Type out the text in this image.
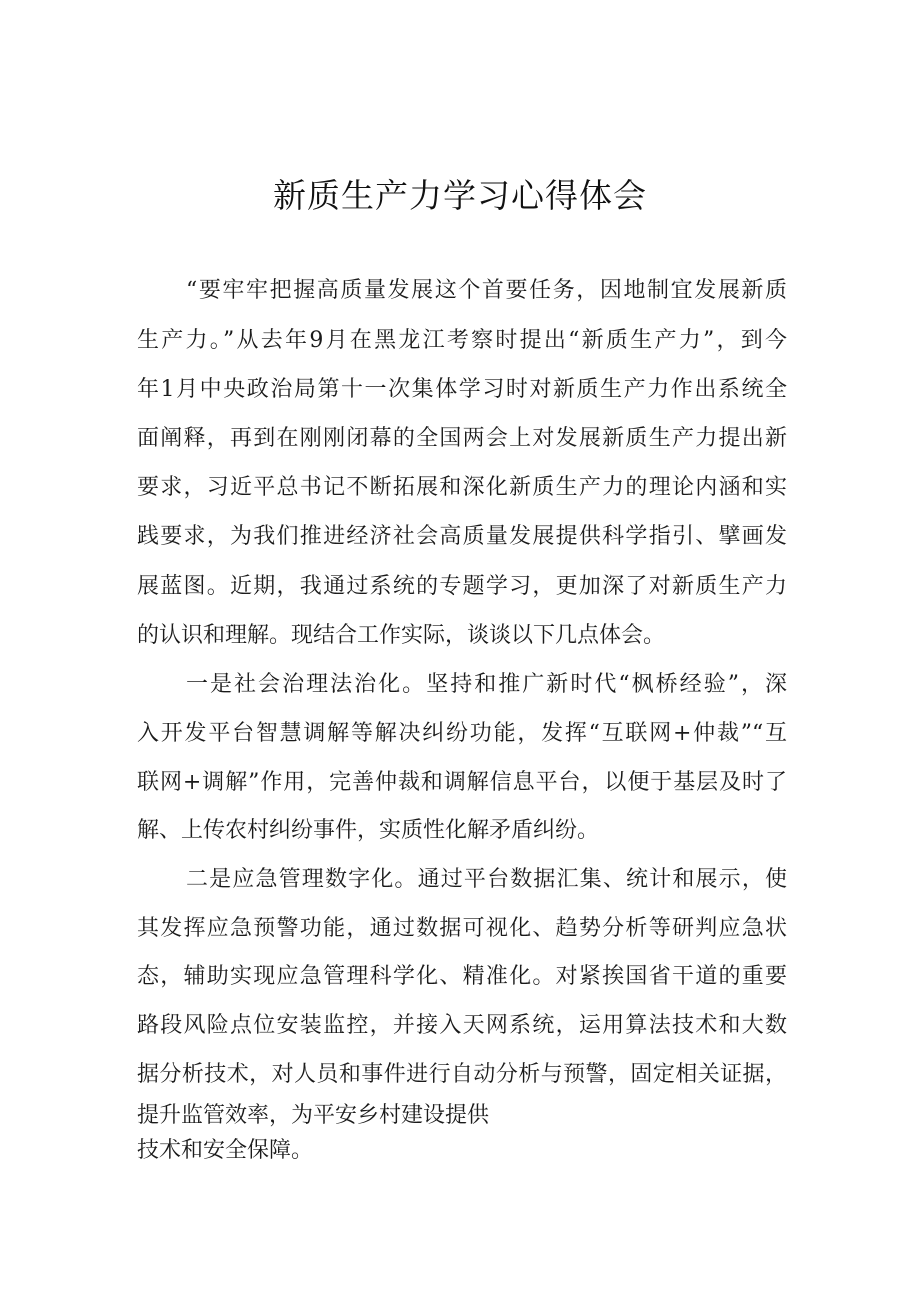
新质生产力学习心得体会

“要牢牢把握高质量发展这个首要任务，因地制宜发展新质

生产力。”从去年9月在黑龙江考察时提出“新质生产力”，到今

年1月中央政治局第十一次集体学习时对新质生产力作出系统全

面阐释，再到在刚刚闭幕的全国两会上对发展新质生产力提出新

要求，习近平总书记不断拓展和深化新质生产力的理论内涵和实

践要求，为我们推进经济社会高质量发展提供科学指引、擘画发

展蓝图。近期，我通过系统的专题学习，更加深了对新质生产力

的认识和理解。现结合工作实际，谈谈以下几点体会。

一是社会治理法治化。坚持和推广新时代“枫桥经验”，深

入开发平台智慧调解等解决纠纷功能，发挥“互联网+仲裁”“互

联网+调解”作用，完善仲裁和调解信息平台，以便于基层及时了

解、上传农村纠纷事件，实质性化解矛盾纠纷。

二是应急管理数字化。通过平台数据汇集、统计和展示，使

其发挥应急预警功能，通过数据可视化、趋势分析等研判应急状

态，辅助实现应急管理科学化、精准化。对紧挨国省干道的重要

路段风险点位安装监控，并接入天网系统，运用算法技术和大数

据分析技术，对人员和事件进行自动分析与预警，固定相关证据，

提升监管效率，为平安乡村建设提供

技术和安全保障。
